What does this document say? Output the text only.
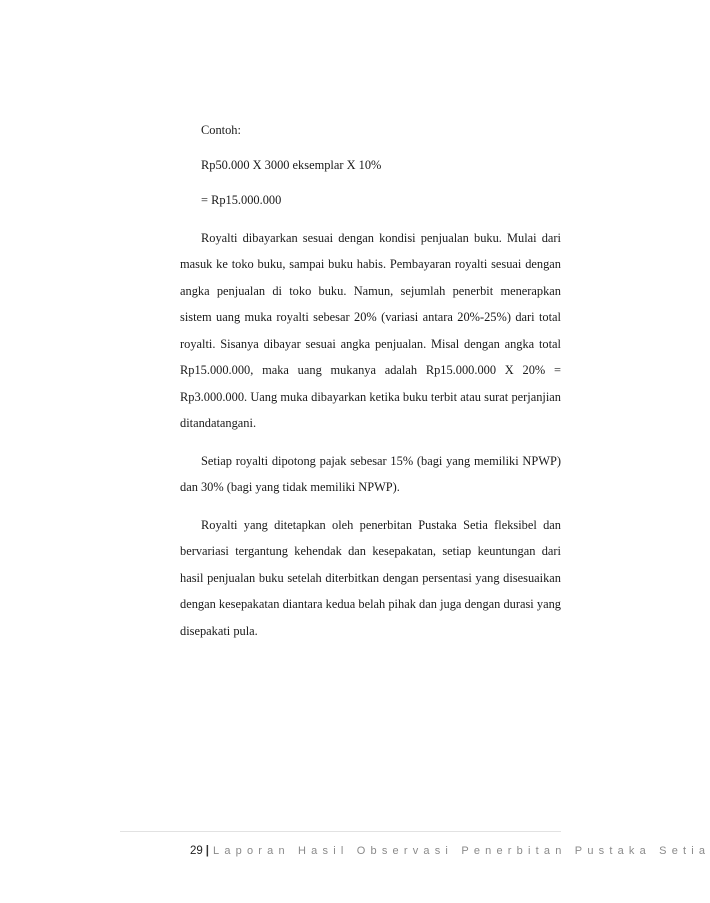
Contoh:

Rp50.000 X 3000 eksemplar X 10%

= Rp15.000.000

Royalti dibayarkan sesuai dengan kondisi penjualan buku. Mulai dari masuk ke toko buku, sampai buku habis. Pembayaran royalti sesuai dengan angka penjualan di toko buku. Namun, sejumlah penerbit menerapkan sistem uang muka royalti sebesar 20% (variasi antara 20%-25%) dari total royalti. Sisanya dibayar sesuai angka penjualan. Misal dengan angka total Rp15.000.000, maka uang mukanya adalah Rp15.000.000 X 20% = Rp3.000.000. Uang muka dibayarkan ketika buku terbit atau surat perjanjian ditandatangani.

Setiap royalti dipotong pajak sebesar 15% (bagi yang memiliki NPWP) dan 30% (bagi yang tidak memiliki NPWP).

Royalti yang ditetapkan oleh penerbitan Pustaka Setia fleksibel dan bervariasi tergantung kehendak dan kesepakatan, setiap keuntungan dari hasil penjualan buku setelah diterbitkan dengan persentasi yang disesuaikan dengan kesepakatan diantara kedua belah pihak dan juga dengan durasi yang disepakati pula.

29 | Laporan Hasil Observasi Penerbitan Pustaka Setia
